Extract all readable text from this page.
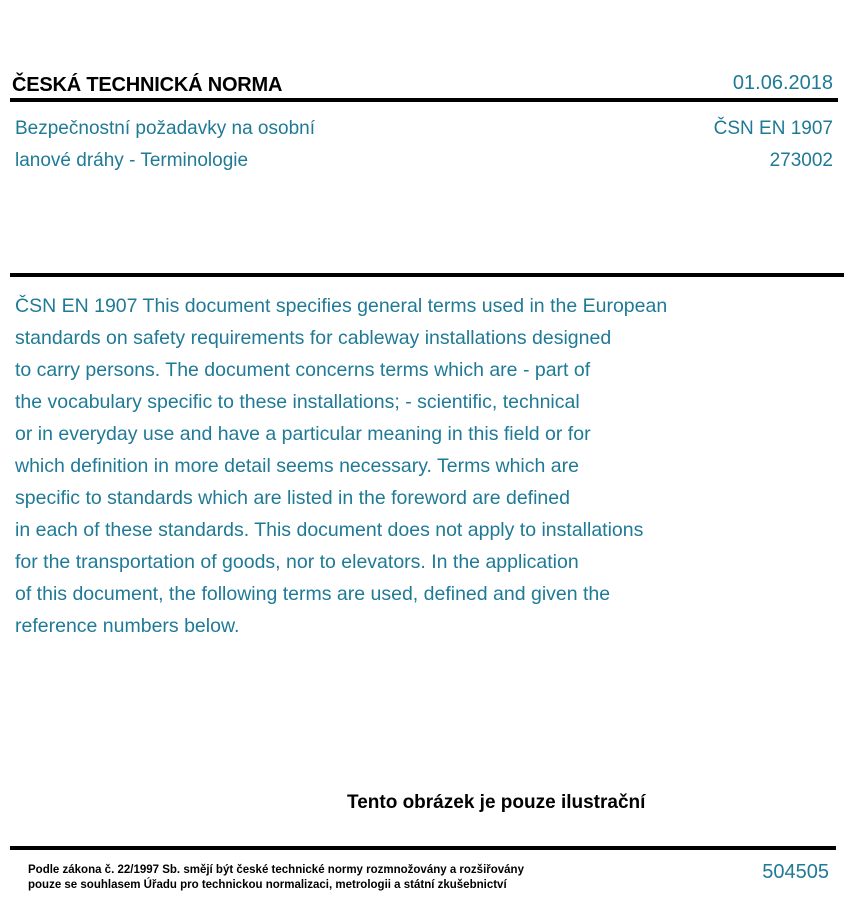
ČESKÁ TECHNICKÁ NORMA	01.06.2018
Bezpečnostní požadavky na osobní
lanové dráhy - Terminologie
ČSN EN 1907
273002
ČSN EN 1907 This document specifies general terms used in the European
standards on safety requirements for cableway installations designed
to carry persons. The document concerns terms which are - part of
the vocabulary specific to these installations; - scientific, technical
or in everyday use and have a particular meaning in this field or for
which definition in more detail seems necessary. Terms which are
specific to standards which are listed in the foreword are defined
in each of these standards. This document does not apply to installations
for the transportation of goods, nor to elevators. In the application
of this document, the following terms are used, defined and given the
reference numbers below.
Tento obrázek je pouze ilustrační
Podle zákona č. 22/1997 Sb. smějí být české technické normy rozmnožovány a rozšiřovány
pouze se souhlasem Úřadu pro technickou normalizaci, metrologii a státní zkušebnictví
504505
